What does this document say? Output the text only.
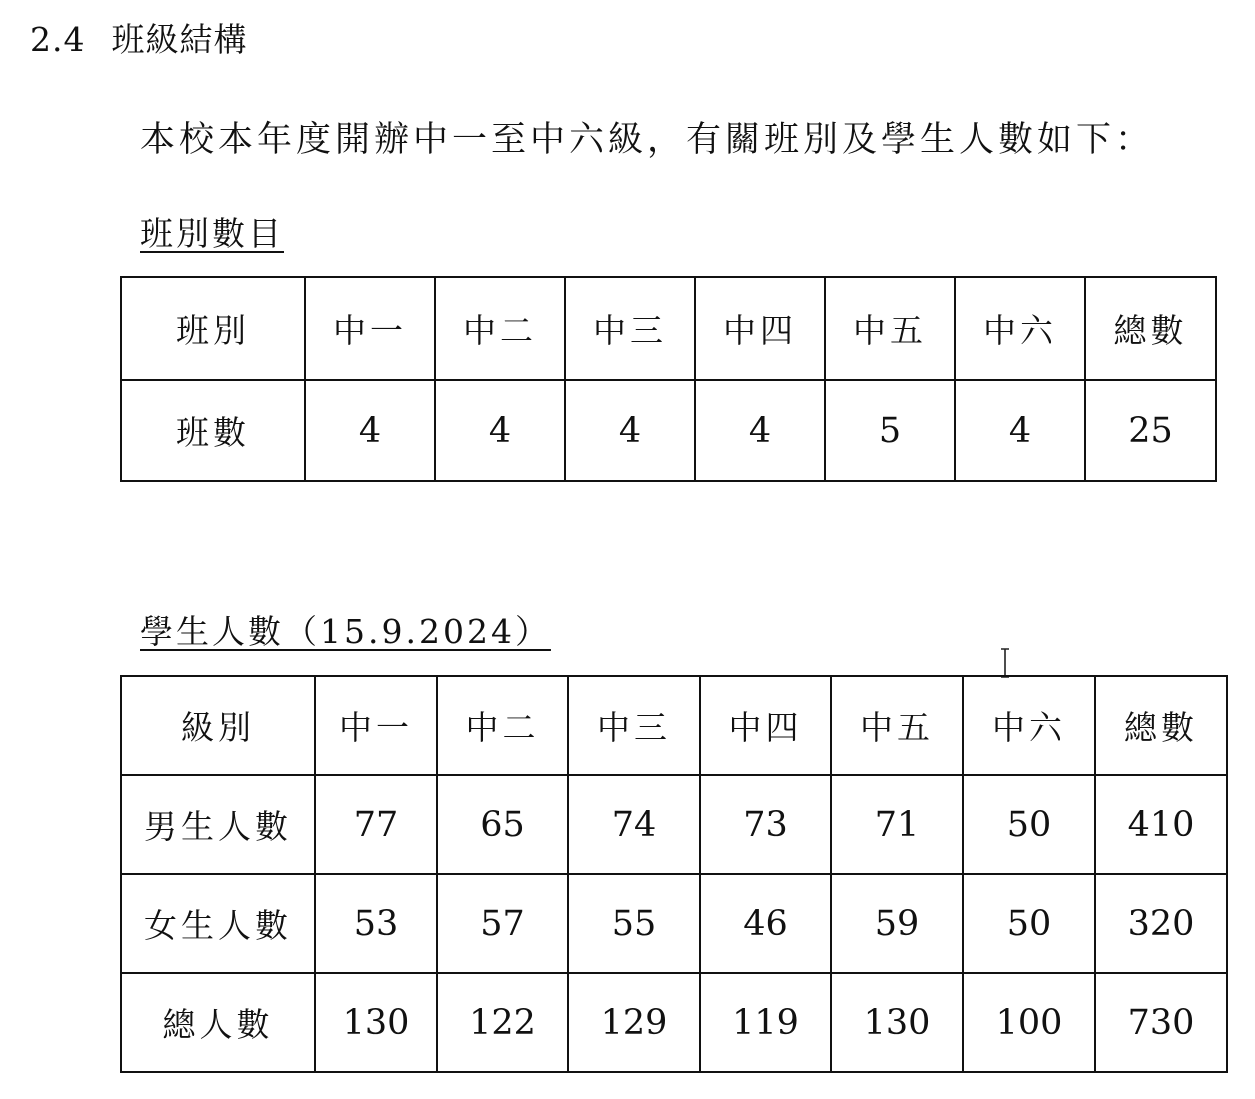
2.4 班級結構
本校本年度開辦中一至中六級，有關班別及學生人數如下：
班別數目
班別	中一	中二	中三	中四	中五	中六	總數
班數	4	4	4	4	5	4	25
學生人數（15.9.2024）
級別	中一	中二	中三	中四	中五	中六	總數
男生人數	77	65	74	73	71	50	410
女生人數	53	57	55	46	59	50	320
總人數	130	122	129	119	130	100	730
